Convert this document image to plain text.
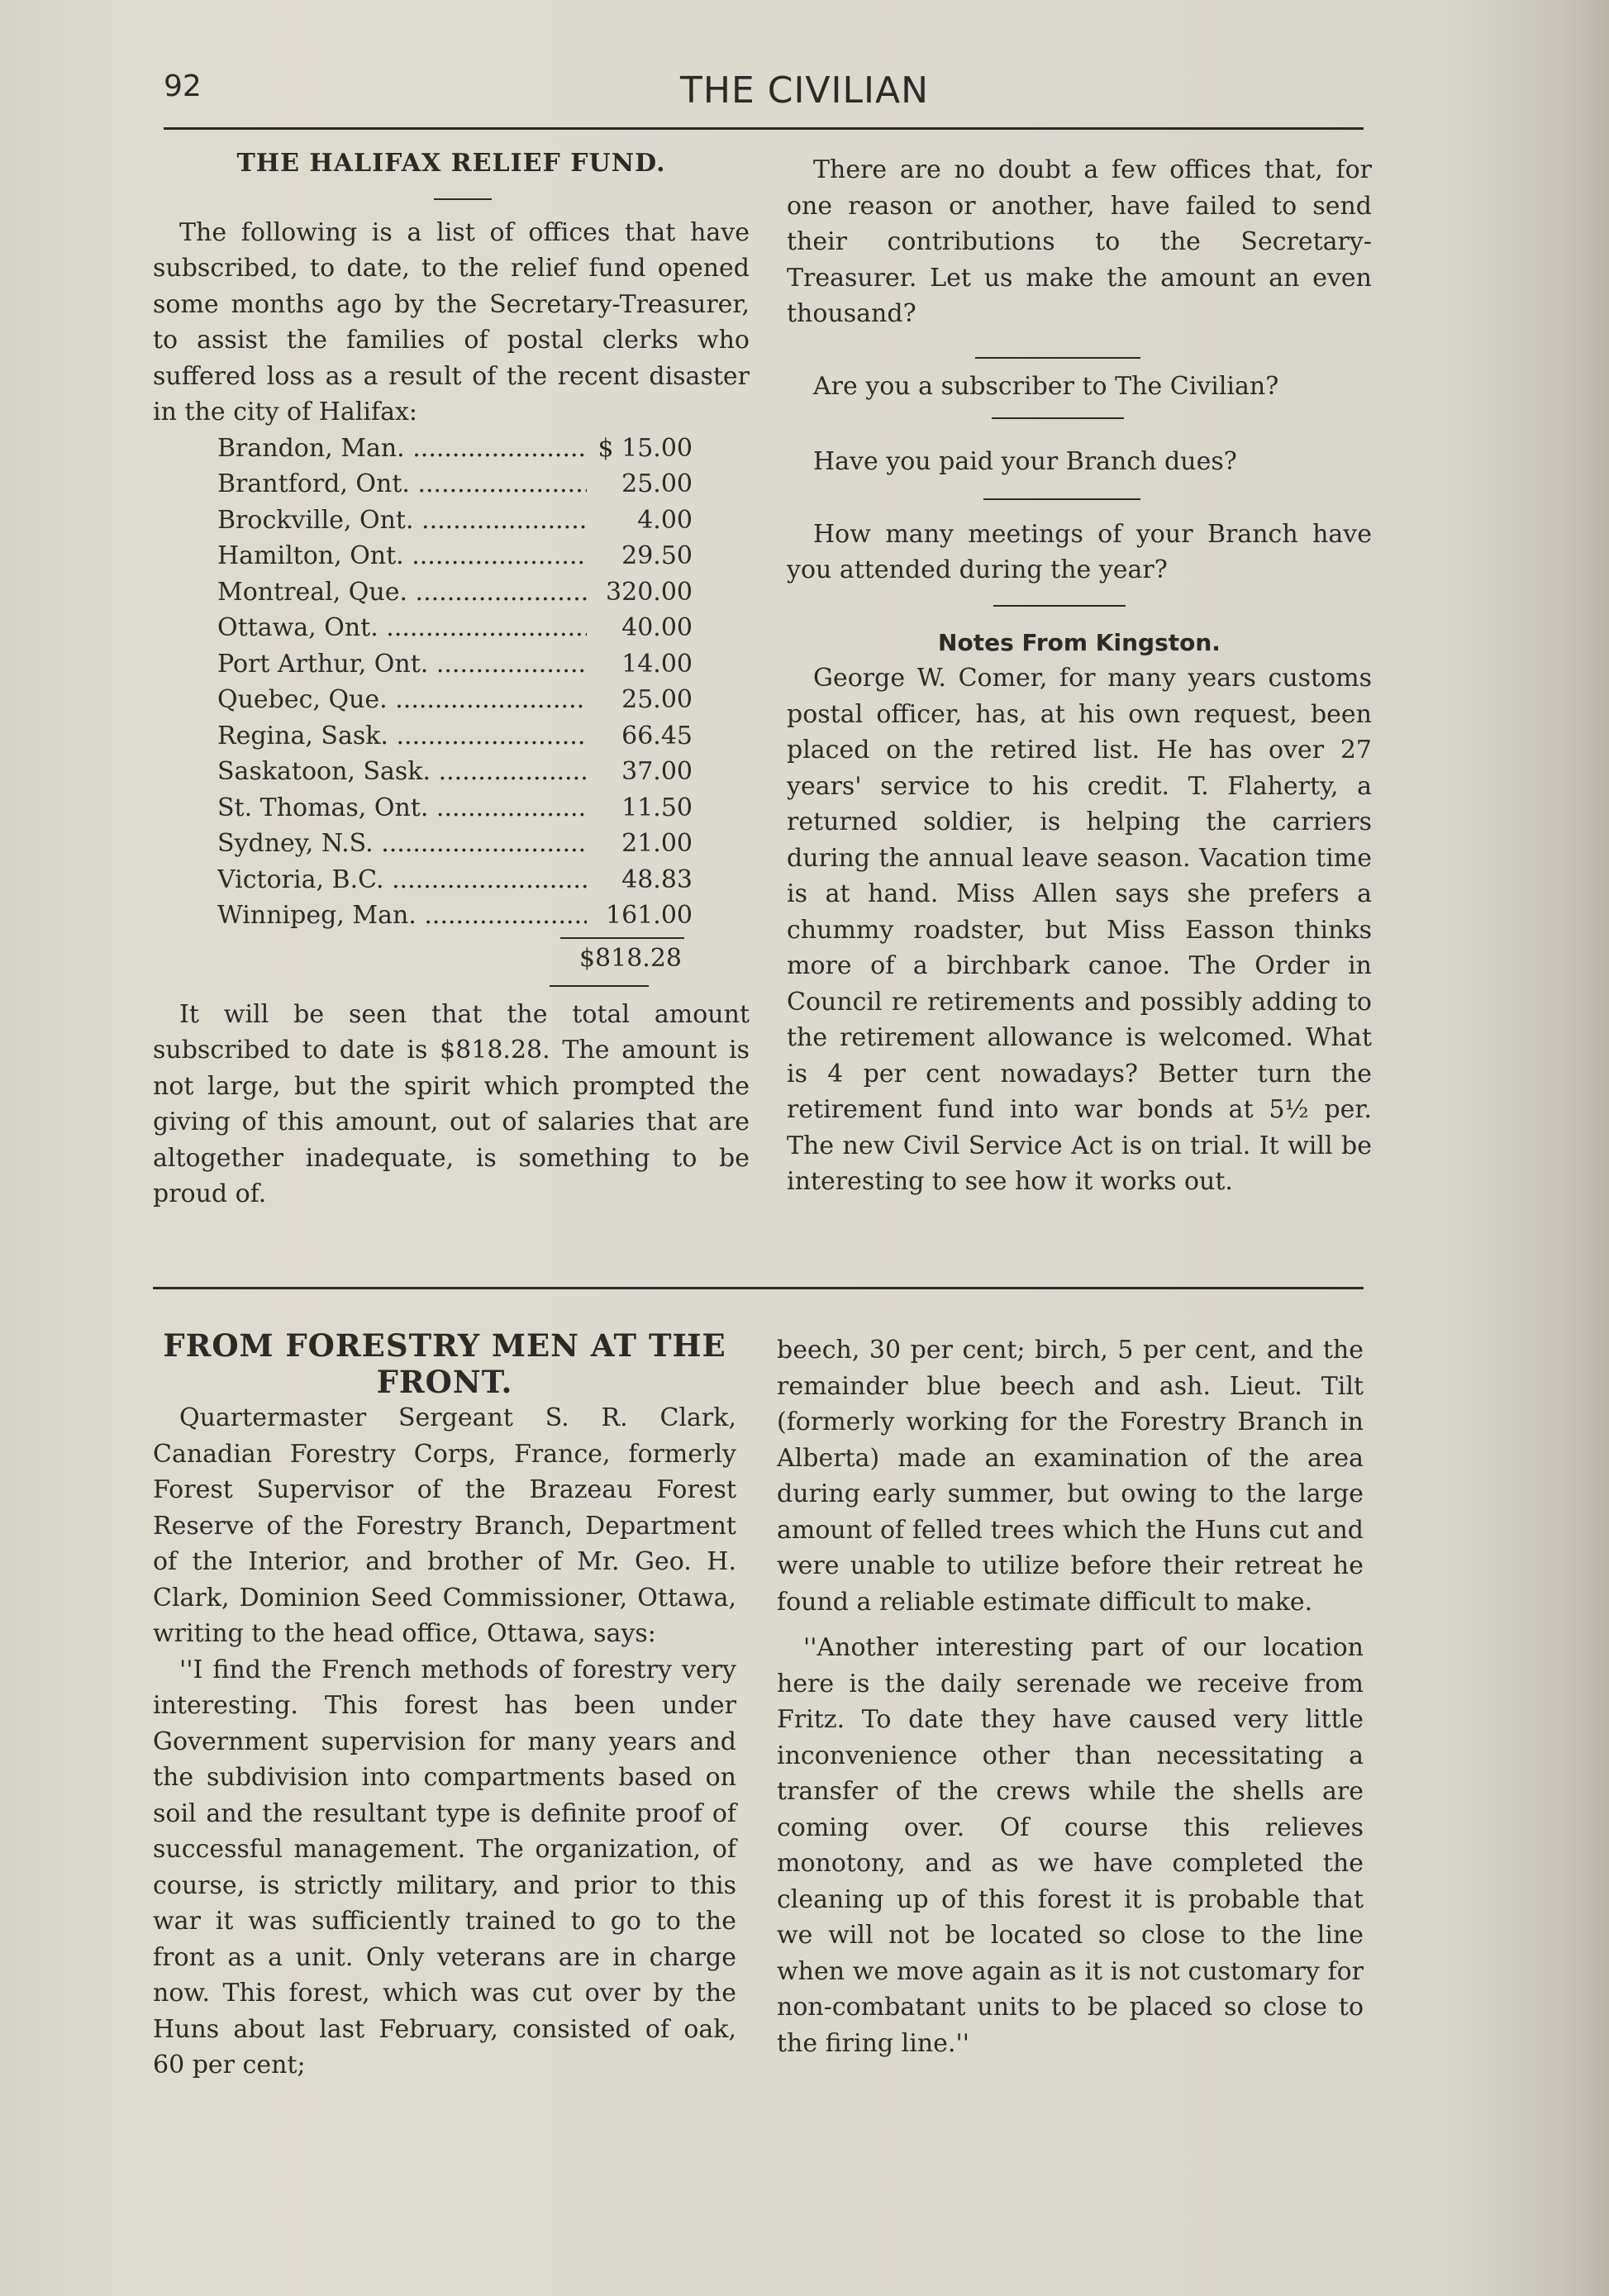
92	THE CIVILIAN
THE HALIFAX RELIEF FUND.

The following is a list of offices that have subscribed, to date, to the relief fund opened some months ago by the Secretary-Treasurer, to assist the families of postal clerks who suffered loss as a result of the recent disaster in the city of Halifax:

Brandon, Man. .....	$ 15.00
Brantford, Ont. .....	25.00
Brockville, Ont. .....	4.00
Hamilton, Ont. .....	29.50
Montreal, Que. .....	320.00
Ottawa, Ont. .....	40.00
Port Arthur, Ont. .....	14.00
Quebec, Que. .....	25.00
Regina, Sask. .....	66.45
Saskatoon, Sask. .....	37.00
St. Thomas, Ont. .....	11.50
Sydney, N.S. .....	21.00
Victoria, B.C. .....	48.83
Winnipeg, Man. .....	161.00
$818.28

It will be seen that the total amount subscribed to date is $818.28. The amount is not large, but the spirit which prompted the giving of this amount, out of salaries that are altogether inadequate, is something to be proud of.

There are no doubt a few offices that, for one reason or another, have failed to send their contributions to the Secretary-Treasurer. Let us make the amount an even thousand?

Are you a subscriber to The Civilian?

Have you paid your Branch dues?

How many meetings of your Branch have you attended during the year?

Notes From Kingston.

George W. Comer, for many years customs postal officer, has, at his own request, been placed on the retired list. He has over 27 years' service to his credit. T. Flaherty, a returned soldier, is helping the carriers during the annual leave season. Vacation time is at hand. Miss Allen says she prefers a chummy roadster, but Miss Easson thinks more of a birchbark canoe. The Order in Council re retirements and possibly adding to the retirement allowance is welcomed. What is 4 per cent nowadays? Better turn the retirement fund into war bonds at 5½ per. The new Civil Service Act is on trial. It will be interesting to see how it works out.

FROM FORESTRY MEN AT THE
FRONT.

Quartermaster Sergeant S. R. Clark, Canadian Forestry Corps, France, formerly Forest Supervisor of the Brazeau Forest Reserve of the Forestry Branch, Department of the Interior, and brother of Mr. Geo. H. Clark, Dominion Seed Commissioner, Ottawa, writing to the head office, Ottawa, says:

''I find the French methods of forestry very interesting. This forest has been under Government supervision for many years and the subdivision into compartments based on soil and the resultant type is definite proof of successful management. The organization, of course, is strictly military, and prior to this war it was sufficiently trained to go to the front as a unit. Only veterans are in charge now. This forest, which was cut over by the Huns about last February, consisted of oak, 60 per cent;

beech, 30 per cent; birch, 5 per cent, and the remainder blue beech and ash. Lieut. Tilt (formerly working for the Forestry Branch in Alberta) made an examination of the area during early summer, but owing to the large amount of felled trees which the Huns cut and were unable to utilize before their retreat he found a reliable estimate difficult to make.

''Another interesting part of our location here is the daily serenade we receive from Fritz. To date they have caused very little inconvenience other than necessitating a transfer of the crews while the shells are coming over. Of course this relieves monotony, and as we have completed the cleaning up of this forest it is probable that we will not be located so close to the line when we move again as it is not customary for non-combatant units to be placed so close to the firing line.''
